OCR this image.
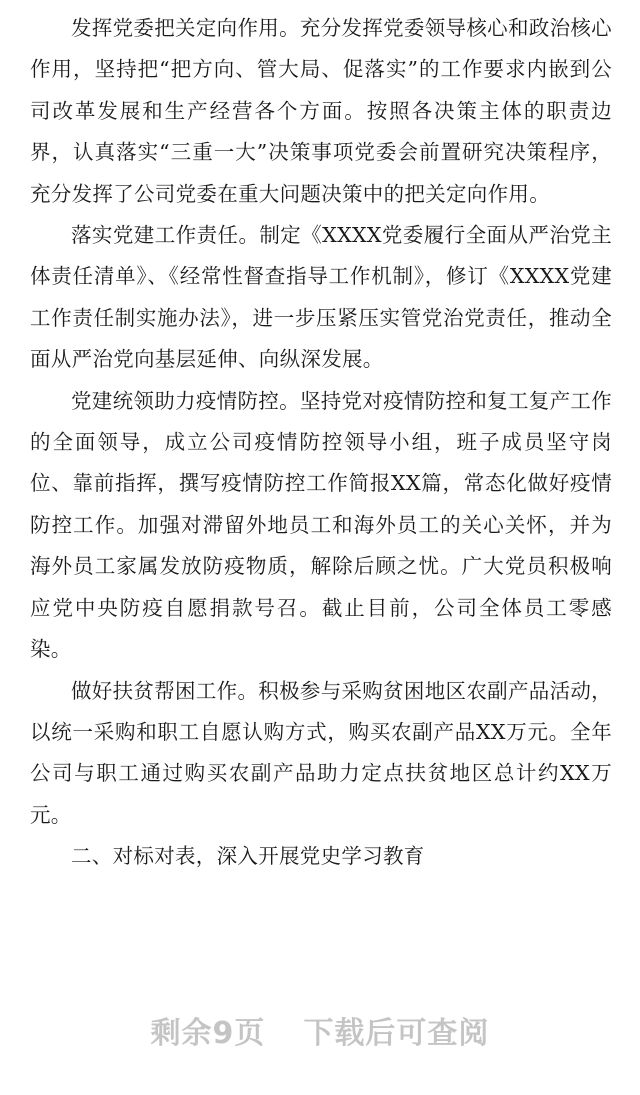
发挥党委把关定向作用。充分发挥党委领导核心和政治核心作用，坚持把“把方向、管大局、促落实”的工作要求内嵌到公司改革发展和生产经营各个方面。按照各决策主体的职责边界，认真落实“三重一大”决策事项党委会前置研究决策程序，充分发挥了公司党委在重大问题决策中的把关定向作用。

落实党建工作责任。制定《XXXX党委履行全面从严治党主体责任清单》、《经常性督查指导工作机制》，修订《XXXX党建工作责任制实施办法》，进一步压紧压实管党治党责任，推动全面从严治党向基层延伸、向纵深发展。

党建统领助力疫情防控。坚持党对疫情防控和复工复产工作的全面领导，成立公司疫情防控领导小组，班子成员坚守岗位、靠前指挥，撰写疫情防控工作简报XX篇，常态化做好疫情防控工作。加强对滞留外地员工和海外员工的关心关怀，并为海外员工家属发放防疫物质，解除后顾之忧。广大党员积极响应党中央防疫自愿捐款号召。截止目前，公司全体员工零感染。

做好扶贫帮困工作。积极参与采购贫困地区农副产品活动，以统一采购和职工自愿认购方式，购买农副产品XX万元。全年公司与职工通过购买农副产品助力定点扶贫地区总计约XX万元。

二、对标对表，深入开展党史学习教育

剩余9页 下载后可查阅
